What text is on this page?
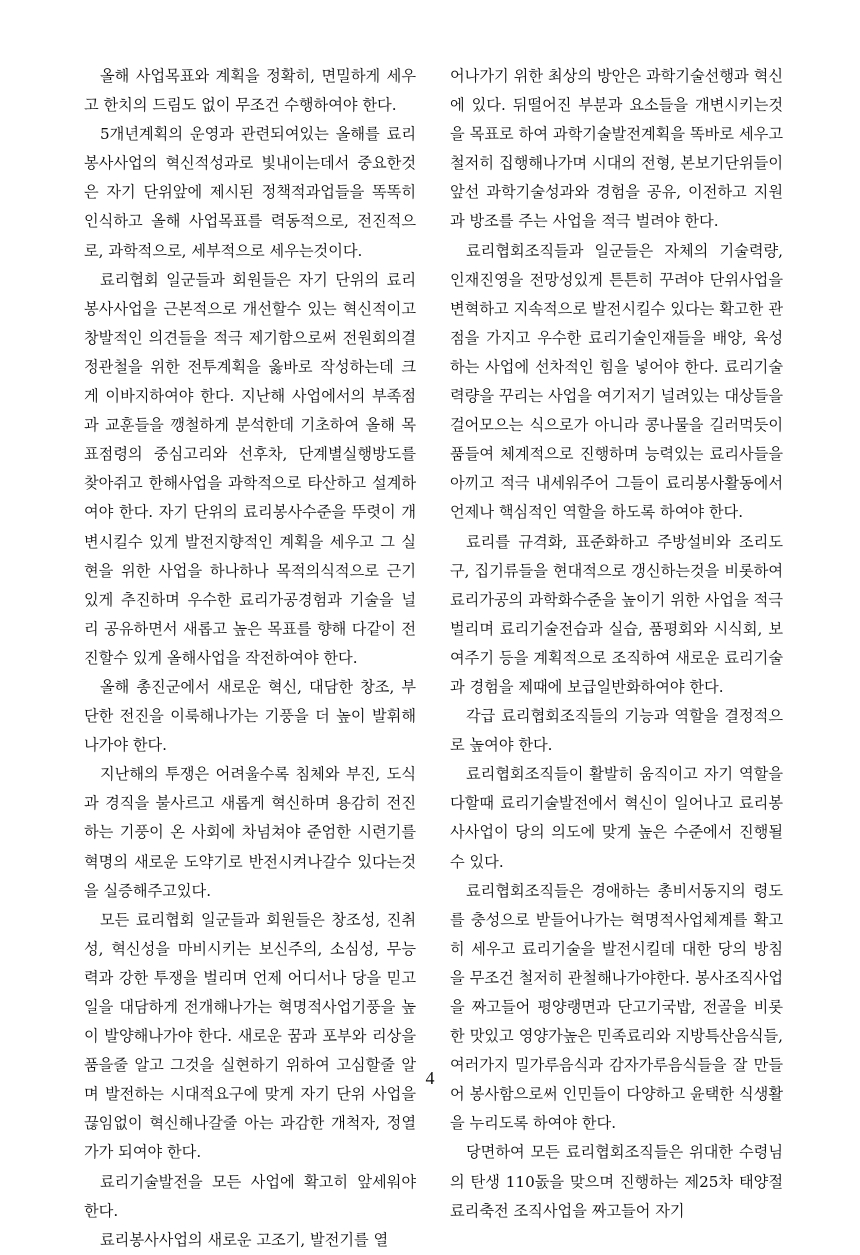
올해 사업목표와 계획을 정확히, 면밀하게 세우고 한치의 드림도 없이 무조건 수행하여야 한다.

5개년계획의 운영과 관련되여있는 올해를 료리봉사사업의 혁신적성과로 빛내이는데서 중요한것은 자기 단위앞에 제시된 정책적과업들을 똑똑히 인식하고 올해 사업목표를 력동적으로, 전진적으로, 과학적으로, 세부적으로 세우는것이다.

료리협회 일군들과 회원들은 자기 단위의 료리봉사사업을 근본적으로 개선할수 있는 혁신적이고 창발적인 의견들을 적극 제기함으로써 전원회의결정관철을 위한 전투계획을 옳바로 작성하는데 크게 이바지하여야 한다. 지난해 사업에서의 부족점과 교훈들을 깽철하게 분석한데 기초하여 올해 목표점령의 중심고리와 선후차, 단계별실행방도를 찾아쥐고 한해사업을 과학적으로 타산하고 설계하여야 한다. 자기 단위의 료리봉사수준을 뚜렷이 개변시킬수 있게 발전지향적인 계획을 세우고 그 실현을 위한 사업을 하나하나 목적의식적으로 근기있게 추진하며 우수한 료리가공경험과 기술을 널리 공유하면서 새롭고 높은 목표를 향해 다같이 전진할수 있게 올해사업을 작전하여야 한다.

올해 총진군에서 새로운 혁신, 대담한 창조, 부단한 전진을 이룩해나가는 기풍을 더 높이 발휘해나가야 한다.

지난해의 투쟁은 어려울수록 침체와 부진, 도식과 경직을 불사르고 새롭게 혁신하며 용감히 전진하는 기풍이 온 사회에 차넘쳐야 준엄한 시련기를 혁명의 새로운 도약기로 반전시켜나갈수 있다는것을 실증해주고있다.

모든 료리협회 일군들과 회원들은 창조성, 진취성, 혁신성을 마비시키는 보신주의, 소심성, 무능력과 강한 투쟁을 벌리며 언제 어디서나 당을 믿고 일을 대담하게 전개해나가는 혁명적사업기풍을 높이 발양해나가야 한다. 새로운 꿈과 포부와 리상을 품을줄 알고 그것을 실현하기 위하여 고심할줄 알며 발전하는 시대적요구에 맞게 자기 단위 사업을 끊임없이 혁신해나갈줄 아는 과감한 개척자, 정열가가 되여야 한다.

료리기술발전을 모든 사업에 확고히 앞세워야 한다.

료리봉사사업의 새로운 고조기, 발전기를 열

어나가기 위한 최상의 방안은 과학기술선행과 혁신에 있다. 뒤떨어진 부분과 요소들을 개변시키는것을 목표로 하여 과학기술발전계획을 똑바로 세우고 철저히 집행해나가며 시대의 전형, 본보기단위들이 앞선 과학기술성과와 경험을 공유, 이전하고 지원과 방조를 주는 사업을 적극 벌려야 한다.

료리협회조직들과 일군들은 자체의 기술력량, 인재진영을 전망성있게 튼튼히 꾸려야 단위사업을 변혁하고 지속적으로 발전시킬수 있다는 확고한 관점을 가지고 우수한 료리기술인재들을 배양, 육성하는 사업에 선차적인 힘을 넣어야 한다. 료리기술력량을 꾸리는 사업을 여기저기 널려있는 대상들을 걸어모으는 식으로가 아니라 콩나물을 길러먹듯이 품들여 체계적으로 진행하며 능력있는 료리사들을 아끼고 적극 내세워주어 그들이 료리봉사활동에서 언제나 핵심적인 역할을 하도록 하여야 한다.

료리를 규격화, 표준화하고 주방설비와 조리도구, 집기류들을 현대적으로 갱신하는것을 비롯하여 료리가공의 과학화수준을 높이기 위한 사업을 적극 벌리며 료리기술전습과 실습, 품평회와 시식회, 보여주기 등을 계획적으로 조직하여 새로운 료리기술과 경험을 제때에 보급일반화하여야 한다.

각급 료리협회조직들의 기능과 역할을 결정적으로 높여야 한다.

료리협회조직들이 활발히 움직이고 자기 역할을 다할때 료리기술발전에서 혁신이 일어나고 료리봉사사업이 당의 의도에 맞게 높은 수준에서 진행될수 있다.

료리협회조직들은 경애하는 총비서동지의 령도를 충성으로 받들어나가는 혁명적사업체계를 확고히 세우고 료리기술을 발전시킬데 대한 당의 방침을 무조건 철저히 관철해나가야한다. 봉사조직사업을 짜고들어 평양랭면과 단고기국밥, 전골을 비롯한 맛있고 영양가높은 민족료리와 지방특산음식들, 여러가지 밀가루음식과 감자가루음식들을 잘 만들어 봉사함으로써 인민들이 다양하고 윤택한 식생활을 누리도록 하여야 한다.

당면하여 모든 료리협회조직들은 위대한 수령님의 탄생 110돐을 맞으며 진행하는 제25차 태양절료리축전 조직사업을 짜고들어 자기

4
